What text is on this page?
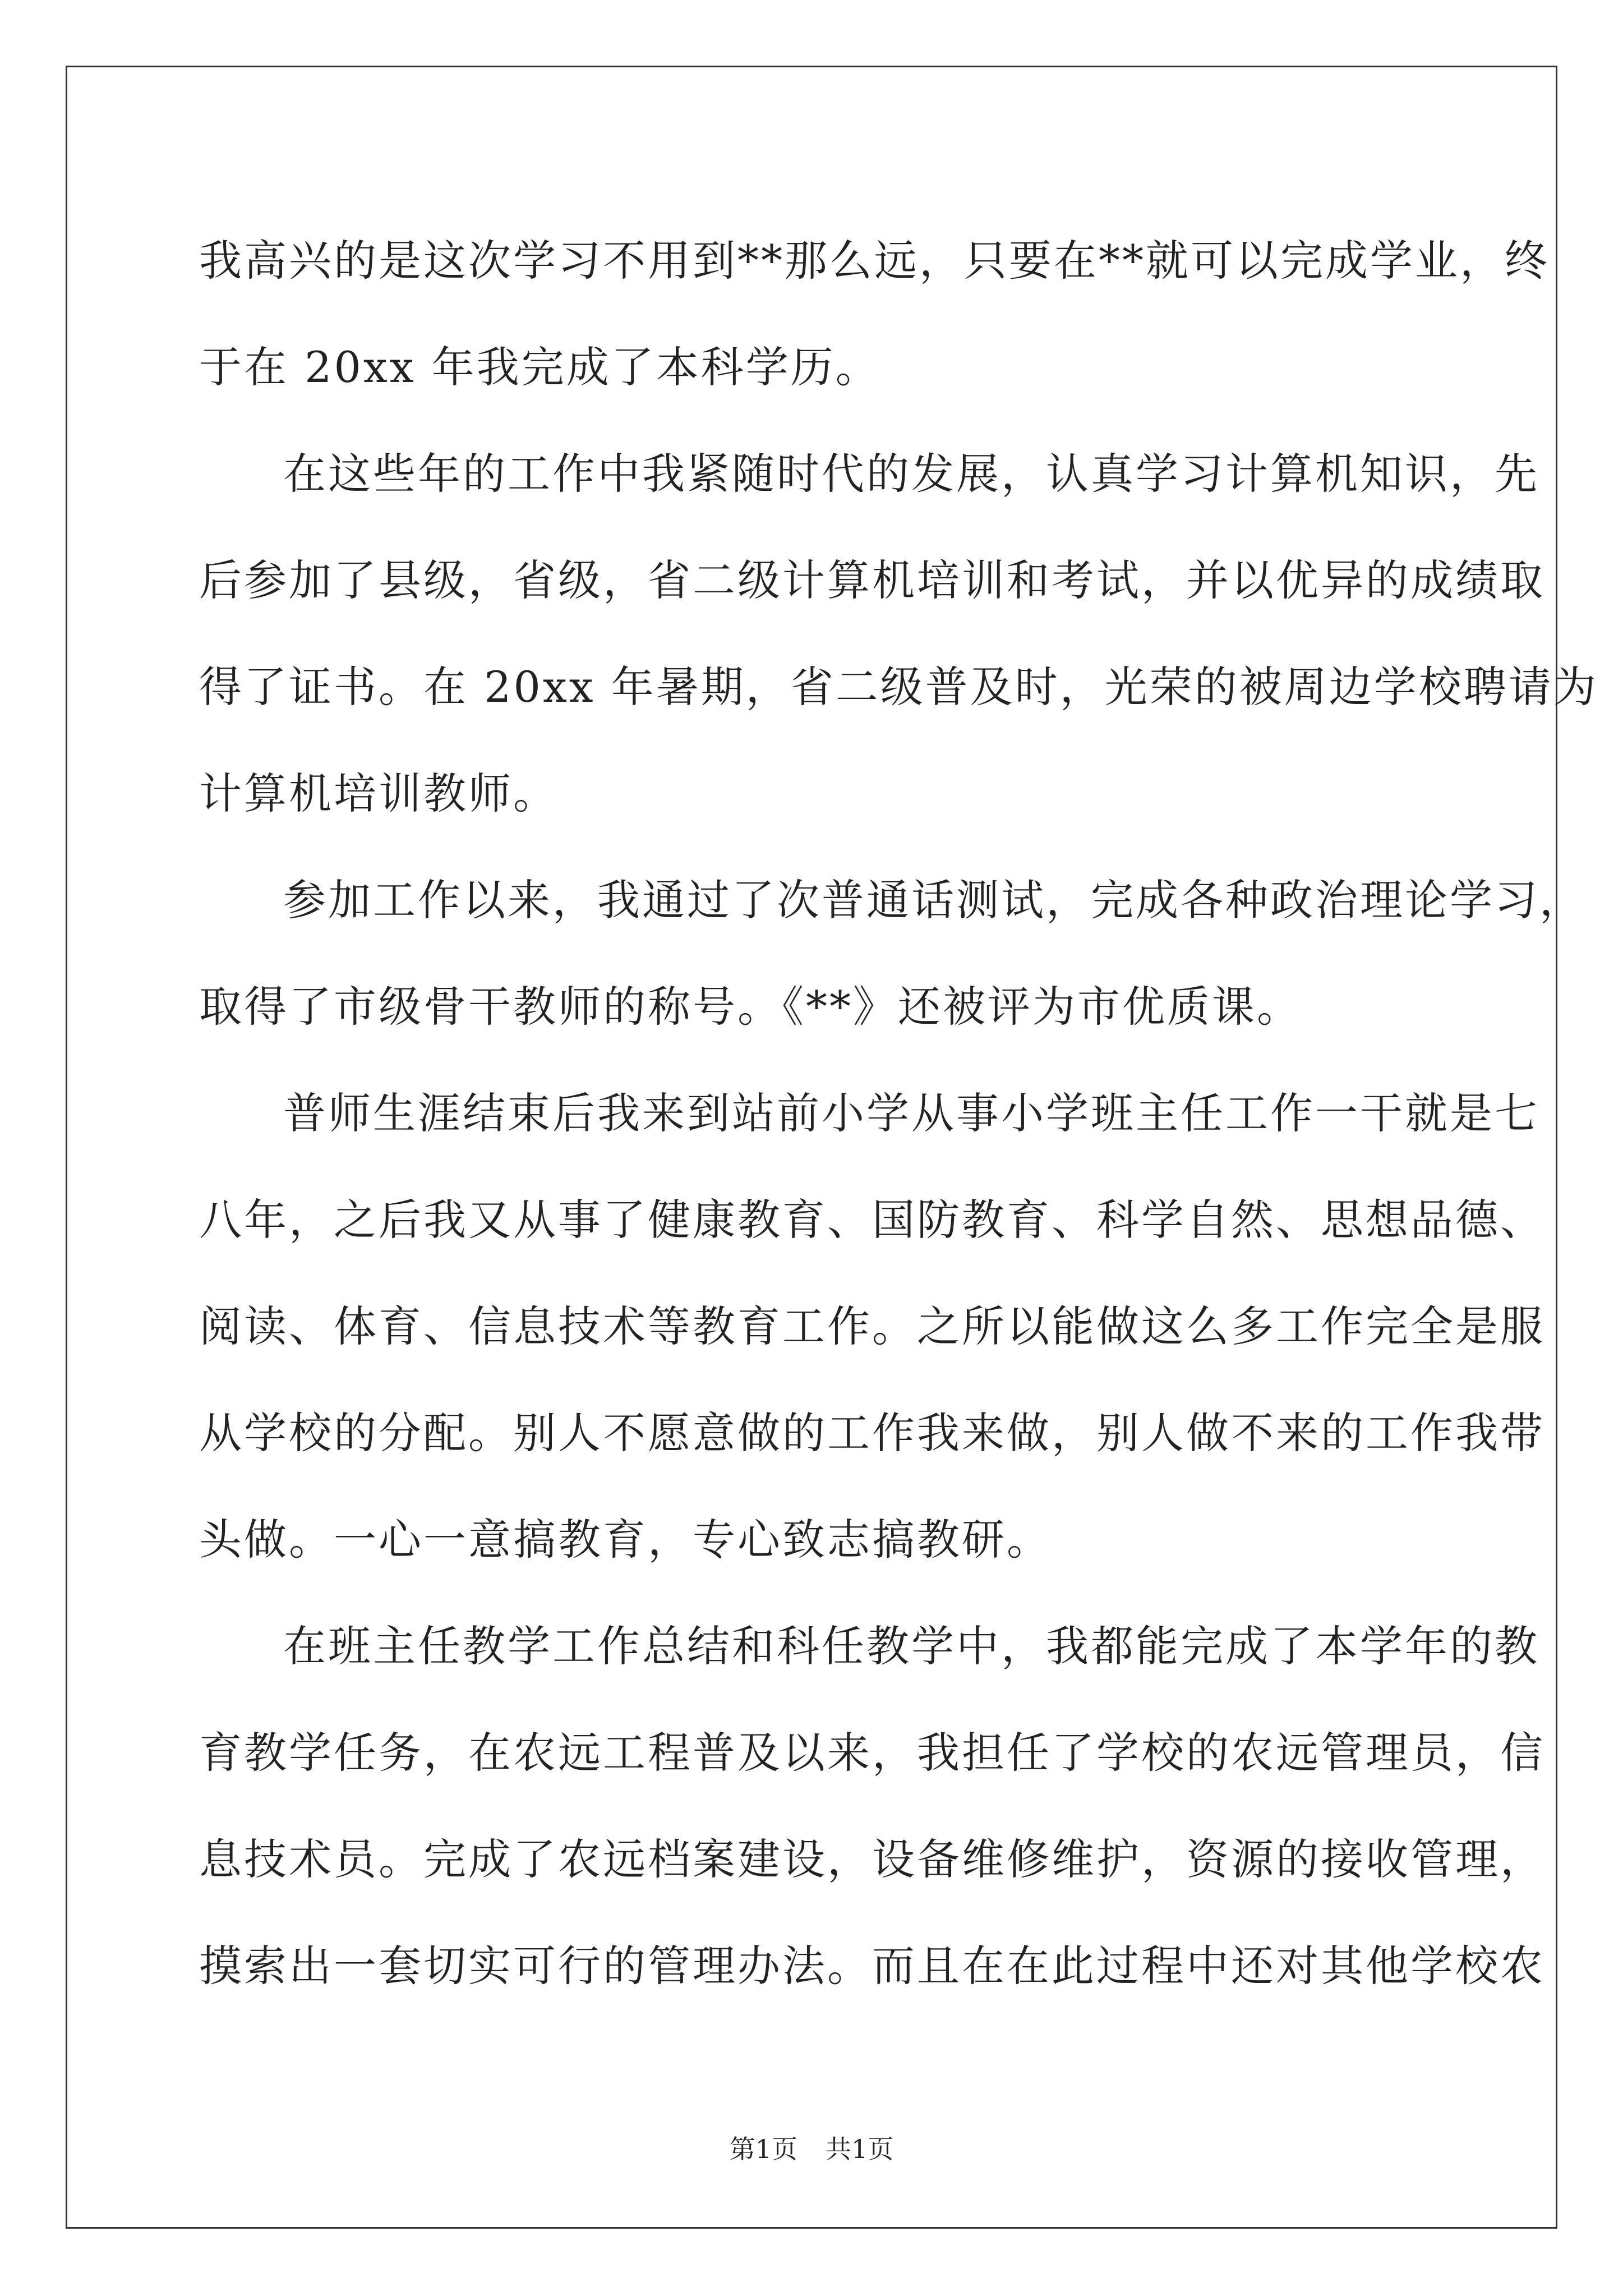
我高兴的是这次学习不用到**那么远，只要在**就可以完成学业，终
于在 20xx 年我完成了本科学历。
在这些年的工作中我紧随时代的发展，认真学习计算机知识，先
后参加了县级，省级，省二级计算机培训和考试，并以优异的成绩取
得了证书。在 20xx 年暑期，省二级普及时，光荣的被周边学校聘请为
计算机培训教师。
参加工作以来，我通过了次普通话测试，完成各种政治理论学习，
取得了市级骨干教师的称号。《**》还被评为市优质课。
普师生涯结束后我来到站前小学从事小学班主任工作一干就是七
八年，之后我又从事了健康教育、国防教育、科学自然、思想品德、
阅读、体育、信息技术等教育工作。之所以能做这么多工作完全是服
从学校的分配。别人不愿意做的工作我来做，别人做不来的工作我带
头做。一心一意搞教育，专心致志搞教研。
在班主任教学工作总结和科任教学中，我都能完成了本学年的教
育教学任务，在农远工程普及以来，我担任了学校的农远管理员，信
息技术员。完成了农远档案建设，设备维修维护，资源的接收管理，
摸索出一套切实可行的管理办法。而且在在此过程中还对其他学校农
第1页 共1页
